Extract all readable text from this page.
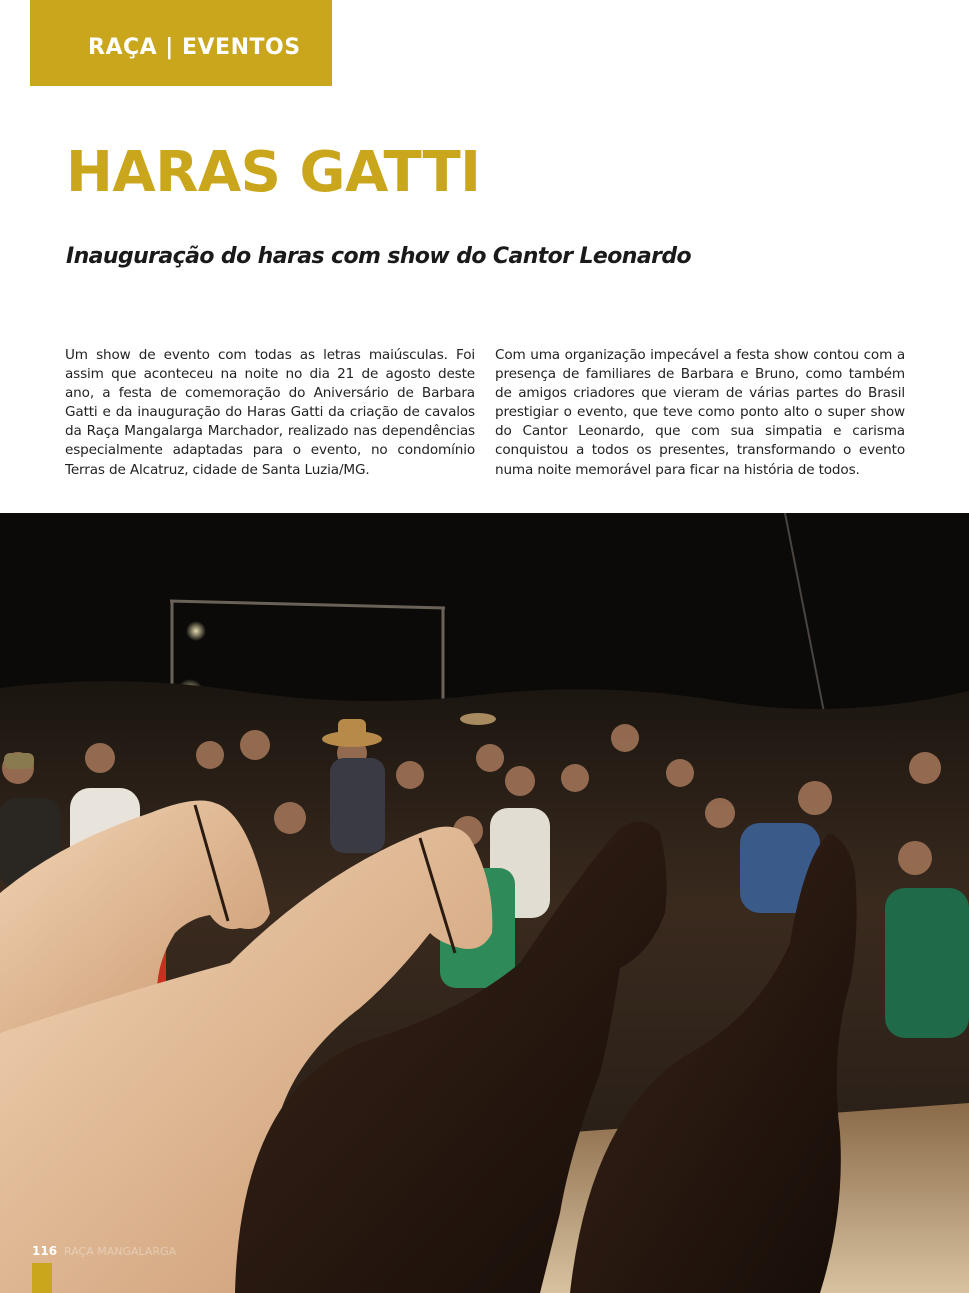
RAÇA | EVENTOS
HARAS GATTI
Inauguração do haras com show do Cantor Leonardo

Um show de evento com todas as letras maiúsculas. Foi assim que aconteceu na noite no dia 21 de agosto deste ano, a festa de comemoração do Aniversário de Barbara Gatti e da inauguração do Haras Gatti da criação de cavalos da Raça Mangalarga Marchador, realizado nas dependências especialmente adaptadas para o evento, no condomínio Terras de Alcatruz, cidade de Santa Luzia/MG.

Com uma organização impecável a festa show contou com a presença de familiares de Barbara e Bruno, como também de amigos criadores que vieram de várias partes do Brasil prestigiar o evento, que teve como ponto alto o super show do Cantor Leonardo, que com sua simpatia e carisma conquistou a todos os presentes, transformando o evento numa noite memorável para ficar na história de todos.

116 RAÇA MANGALARGA
